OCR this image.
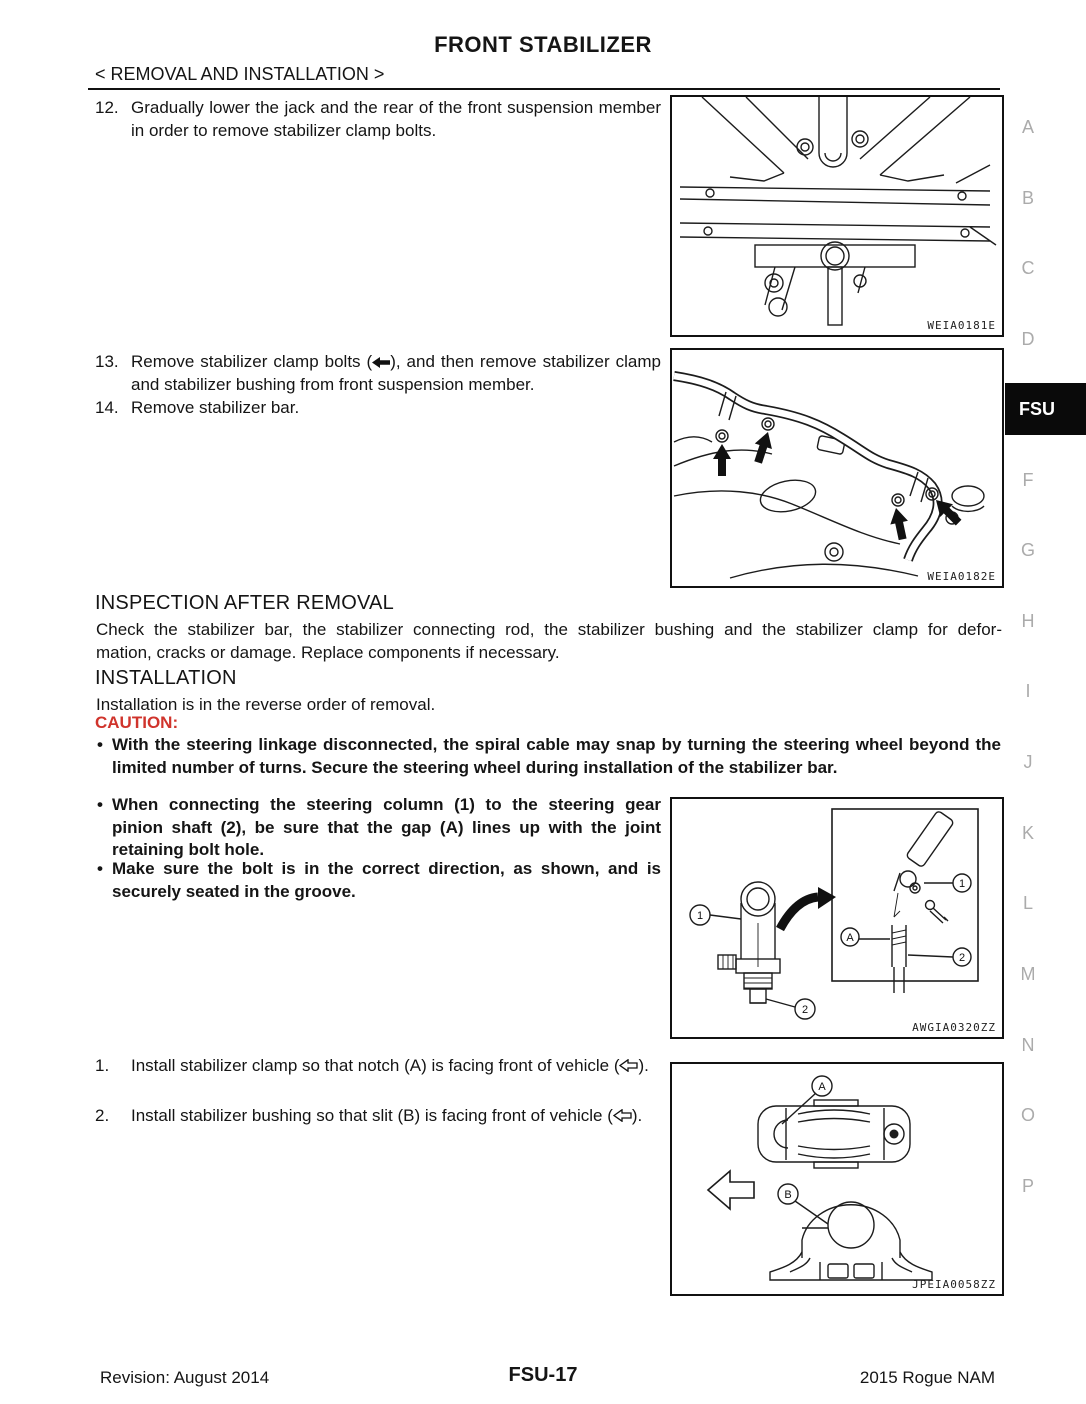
FRONT STABILIZER
< REMOVAL AND INSTALLATION >
12. Gradually lower the jack and the rear of the front suspension member in order to remove stabilizer clamp bolts.
13. Remove stabilizer clamp bolts ( ), and then remove stabilizer clamp and stabilizer bushing from front suspension member.
14. Remove stabilizer bar.
WEIA0181E
WEIA0182E
INSPECTION AFTER REMOVAL
Check the stabilizer bar, the stabilizer connecting rod, the stabilizer bushing and the stabilizer clamp for defor-
mation, cracks or damage. Replace components if necessary.
INSTALLATION
Installation is in the reverse order of removal.
CAUTION:
• With the steering linkage disconnected, the spiral cable may snap by turning the steering wheel beyond the limited number of turns. Secure the steering wheel during installation of the stabilizer bar.
• When connecting the steering column (1) to the steering gear pinion shaft (2), be sure that the gap (A) lines up with the joint retaining bolt hole.
• Make sure the bolt is in the correct direction, as shown, and is securely seated in the groove.
1
2
1
A
2
AWGIA0320ZZ
1. Install stabilizer clamp so that notch (A) is facing front of vehicle ( ).
2. Install stabilizer bushing so that slit (B) is facing front of vehicle ( ).
A
B
JPEIA0058ZZ
A
B
C
D
FSU
F
G
H
I
J
K
L
M
N
O
P
Revision: August 2014	FSU-17	2015 Rogue NAM
